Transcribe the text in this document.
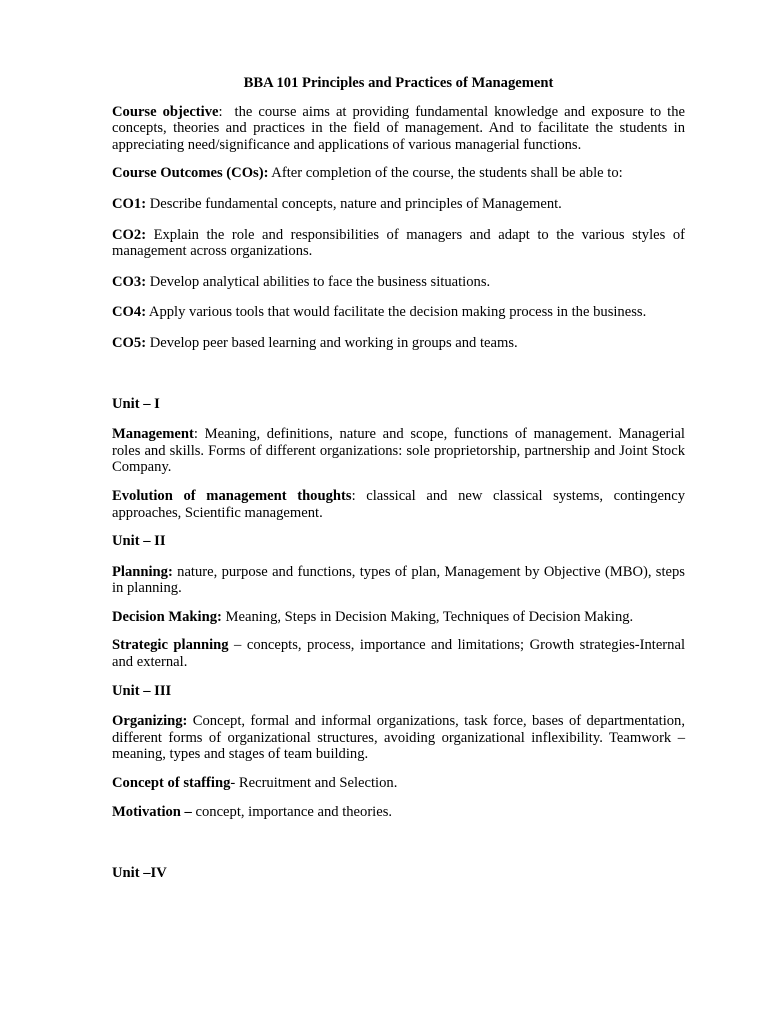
BBA 101 Principles and Practices of Management

Course objective:  the course aims at providing fundamental knowledge and exposure to the concepts, theories and practices in the field of management. And to facilitate the students in appreciating need/significance and applications of various managerial functions.

Course Outcomes (COs): After completion of the course, the students shall be able to:

CO1: Describe fundamental concepts, nature and principles of Management.

CO2: Explain the role and responsibilities of managers and adapt to the various styles of management across organizations.

CO3: Develop analytical abilities to face the business situations.

CO4: Apply various tools that would facilitate the decision making process in the business.

CO5: Develop peer based learning and working in groups and teams.

Unit – I

Management: Meaning, definitions, nature and scope, functions of management. Managerial roles and skills. Forms of different organizations: sole proprietorship, partnership and Joint Stock Company.

Evolution of management thoughts: classical and new classical systems, contingency approaches, Scientific management.

Unit – II

Planning: nature, purpose and functions, types of plan, Management by Objective (MBO), steps in planning.

Decision Making: Meaning, Steps in Decision Making, Techniques of Decision Making.

Strategic planning – concepts, process, importance and limitations; Growth strategies-Internal and external.

Unit – III

Organizing: Concept, formal and informal organizations, task force, bases of departmentation, different forms of organizational structures, avoiding organizational inflexibility. Teamwork – meaning, types and stages of team building.

Concept of staffing- Recruitment and Selection.

Motivation – concept, importance and theories.

Unit –IV
